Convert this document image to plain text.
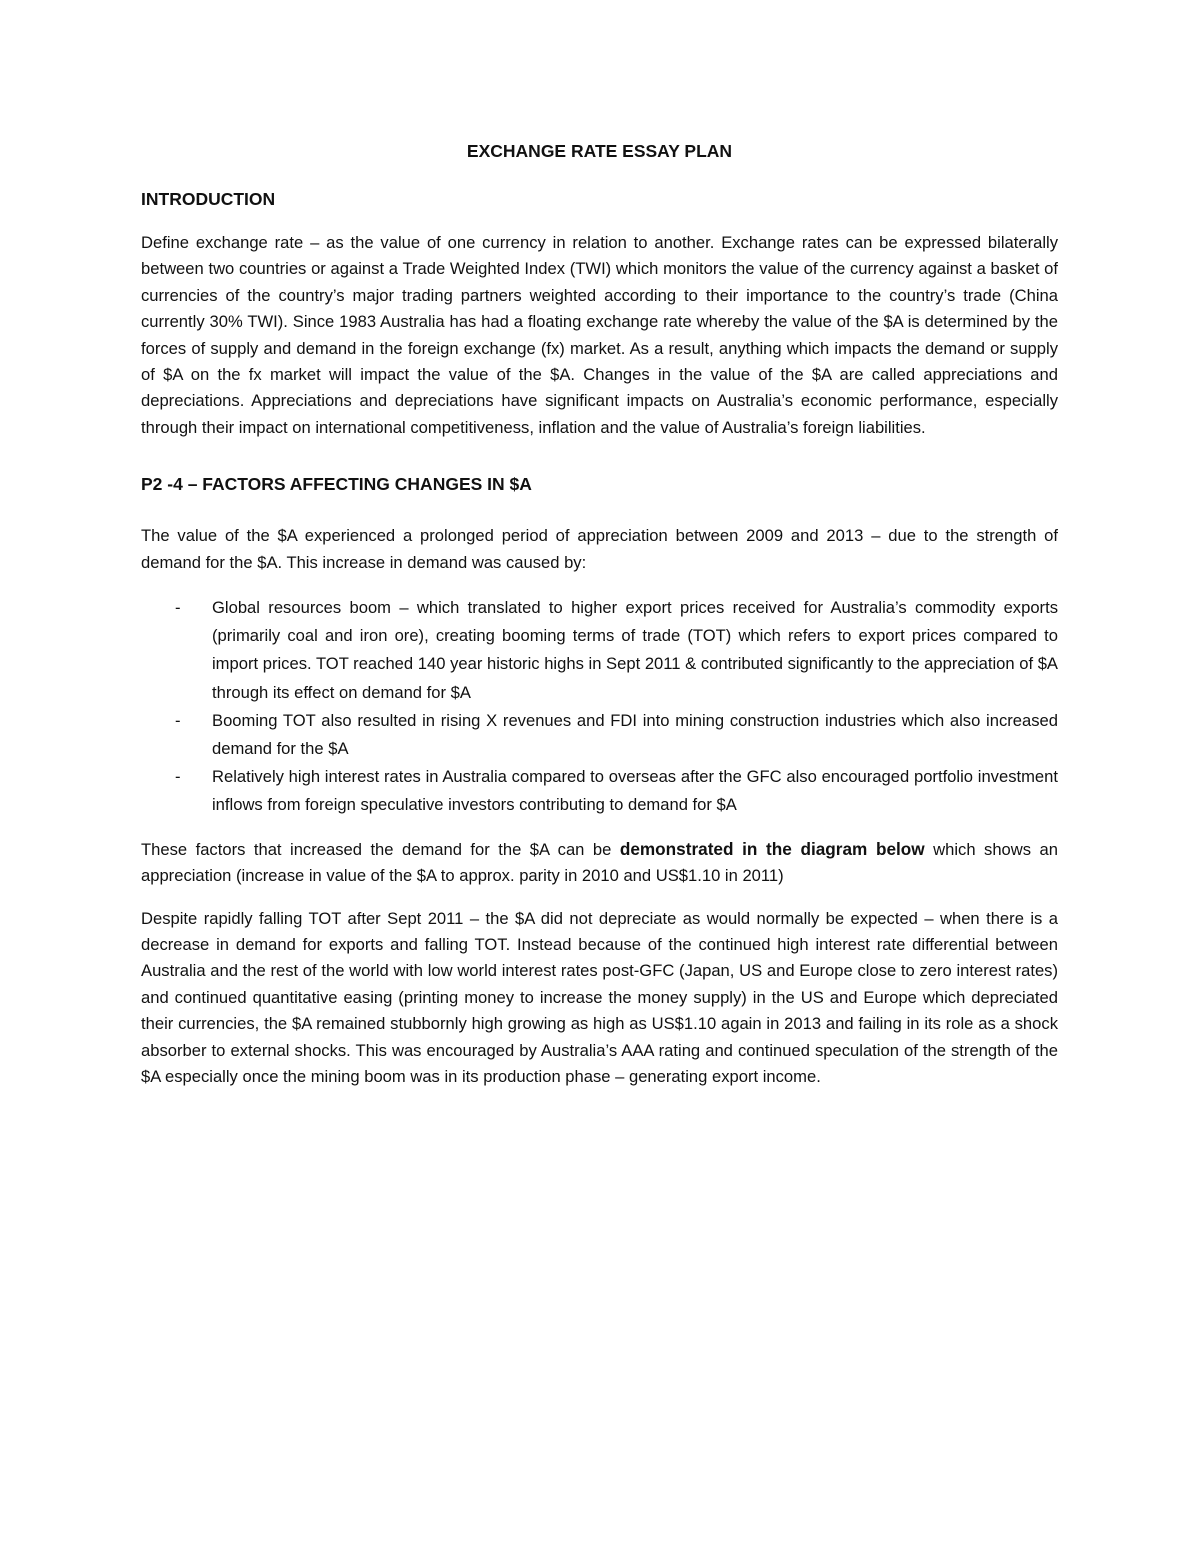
EXCHANGE RATE ESSAY PLAN
INTRODUCTION

Define exchange rate – as the value of one currency in relation to another. Exchange rates can be expressed bilaterally between two countries or against a Trade Weighted Index (TWI) which monitors the value of the currency against a basket of currencies of the country’s major trading partners weighted according to their importance to the country’s trade (China currently 30% TWI). Since 1983 Australia has had a floating exchange rate whereby the value of the $A is determined by the forces of supply and demand in the foreign exchange (fx) market. As a result, anything which impacts the demand or supply of $A on the fx market will impact the value of the $A. Changes in the value of the $A are called appreciations and depreciations. Appreciations and depreciations have significant impacts on Australia’s economic performance, especially through their impact on international competitiveness, inflation and the value of Australia’s foreign liabilities.

P2 -4 – FACTORS AFFECTING CHANGES IN $A

The value of the $A experienced a prolonged period of appreciation between 2009 and 2013 – due to the strength of demand for the $A. This increase in demand was caused by:

- Global resources boom – which translated to higher export prices received for Australia’s commodity exports (primarily coal and iron ore), creating booming terms of trade (TOT) which refers to export prices compared to import prices. TOT reached 140 year historic highs in Sept 2011 & contributed significantly to the appreciation of $A through its effect on demand for $A
- Booming TOT also resulted in rising X revenues and FDI into mining construction industries which also increased demand for the $A
- Relatively high interest rates in Australia compared to overseas after the GFC also encouraged portfolio investment inflows from foreign speculative investors contributing to demand for $A

These factors that increased the demand for the $A can be demonstrated in the diagram below which shows an appreciation (increase in value of the $A to approx. parity in 2010 and US$1.10 in 2011)

Despite rapidly falling TOT after Sept 2011 – the $A did not depreciate as would normally be expected – when there is a decrease in demand for exports and falling TOT. Instead because of the continued high interest rate differential between Australia and the rest of the world with low world interest rates post-GFC (Japan, US and Europe close to zero interest rates) and continued quantitative easing (printing money to increase the money supply) in the US and Europe which depreciated their currencies, the $A remained stubbornly high growing as high as US$1.10 again in 2013 and failing in its role as a shock absorber to external shocks. This was encouraged by Australia’s AAA rating and continued speculation of the strength of the $A especially once the mining boom was in its production phase – generating export income.
